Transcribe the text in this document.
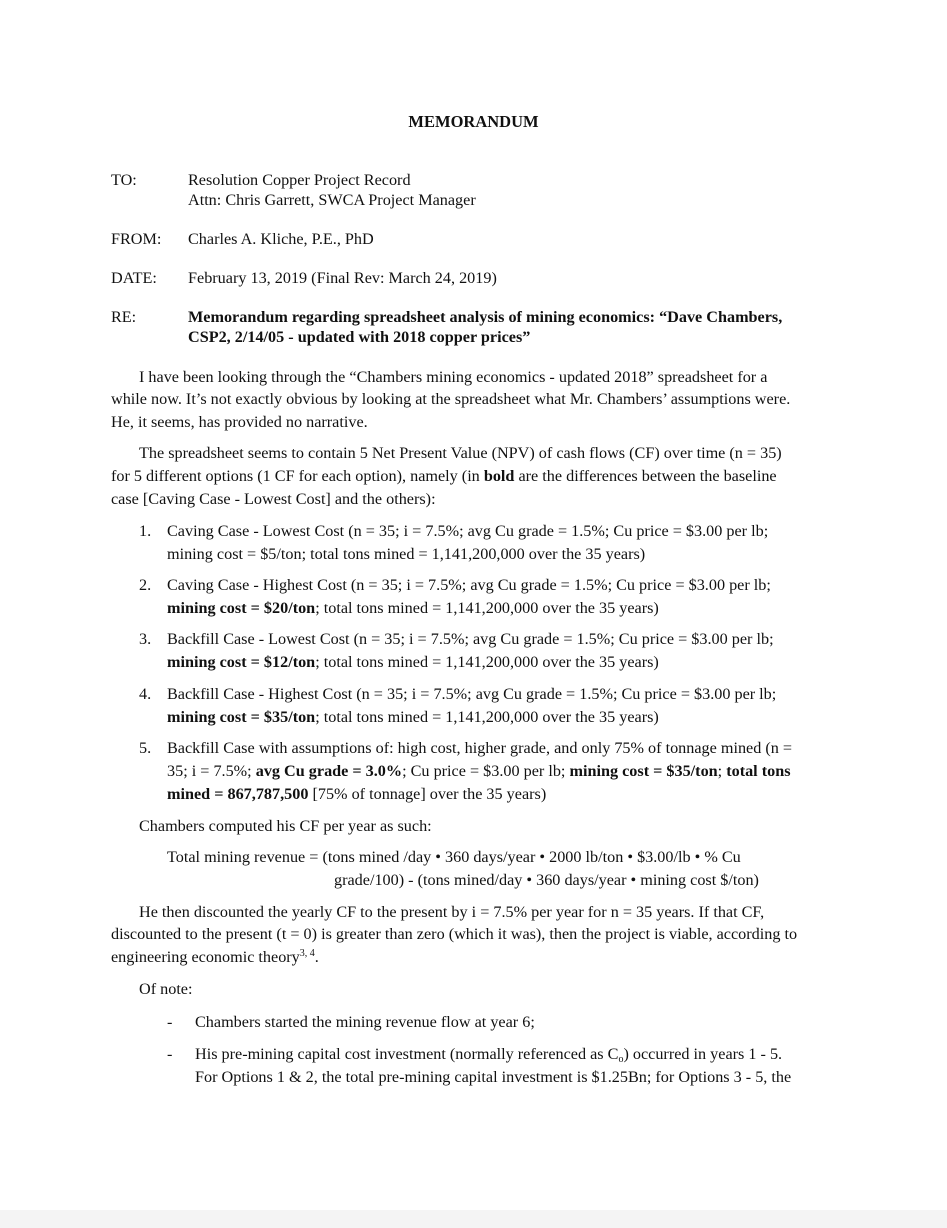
MEMORANDUM
TO:	Resolution Copper Project Record
Attn: Chris Garrett, SWCA Project Manager
FROM: Charles A. Kliche, P.E., PhD
DATE: February 13, 2019 (Final Rev: March 24, 2019)
RE:	Memorandum regarding spreadsheet analysis of mining economics: “Dave Chambers,
CSP2, 2/14/05 - updated with 2018 copper prices”
I have been looking through the “Chambers mining economics - updated 2018” spreadsheet for a
while now. It’s not exactly obvious by looking at the spreadsheet what Mr. Chambers’ assumptions were.
He, it seems, has provided no narrative.
The spreadsheet seems to contain 5 Net Present Value (NPV) of cash flows (CF) over time (n = 35)
for 5 different options (1 CF for each option), namely (in bold are the differences between the baseline
case [Caving Case - Lowest Cost] and the others):
1. Caving Case - Lowest Cost (n = 35; i = 7.5%; avg Cu grade = 1.5%; Cu price = $3.00 per lb;
mining cost = $5/ton; total tons mined = 1,141,200,000 over the 35 years)
2. Caving Case - Highest Cost (n = 35; i = 7.5%; avg Cu grade = 1.5%; Cu price = $3.00 per lb;
mining cost = $20/ton; total tons mined = 1,141,200,000 over the 35 years)
3. Backfill Case - Lowest Cost (n = 35; i = 7.5%; avg Cu grade = 1.5%; Cu price = $3.00 per lb;
mining cost = $12/ton; total tons mined = 1,141,200,000 over the 35 years)
4. Backfill Case - Highest Cost (n = 35; i = 7.5%; avg Cu grade = 1.5%; Cu price = $3.00 per lb;
mining cost = $35/ton; total tons mined = 1,141,200,000 over the 35 years)
5. Backfill Case with assumptions of: high cost, higher grade, and only 75% of tonnage mined (n =
35; i = 7.5%; avg Cu grade = 3.0%; Cu price = $3.00 per lb; mining cost = $35/ton; total tons
mined = 867,787,500 [75% of tonnage] over the 35 years)
Chambers computed his CF per year as such:
Total mining revenue = (tons mined /day • 360 days/year • 2000 lb/ton • $3.00/lb • % Cu
grade/100) - (tons mined/day • 360 days/year • mining cost $/ton)
He then discounted the yearly CF to the present by i = 7.5% per year for n = 35 years. If that CF,
discounted to the present (t = 0) is greater than zero (which it was), then the project is viable, according to
engineering economic theory$^{3, 4}$.
Of note:
- Chambers started the mining revenue flow at year 6;
- His pre-mining capital cost investment (normally referenced as $C_o$) occurred in years 1 - 5.
For Options 1 & 2, the total pre-mining capital investment is $1.25Bn; for Options 3 - 5, the
